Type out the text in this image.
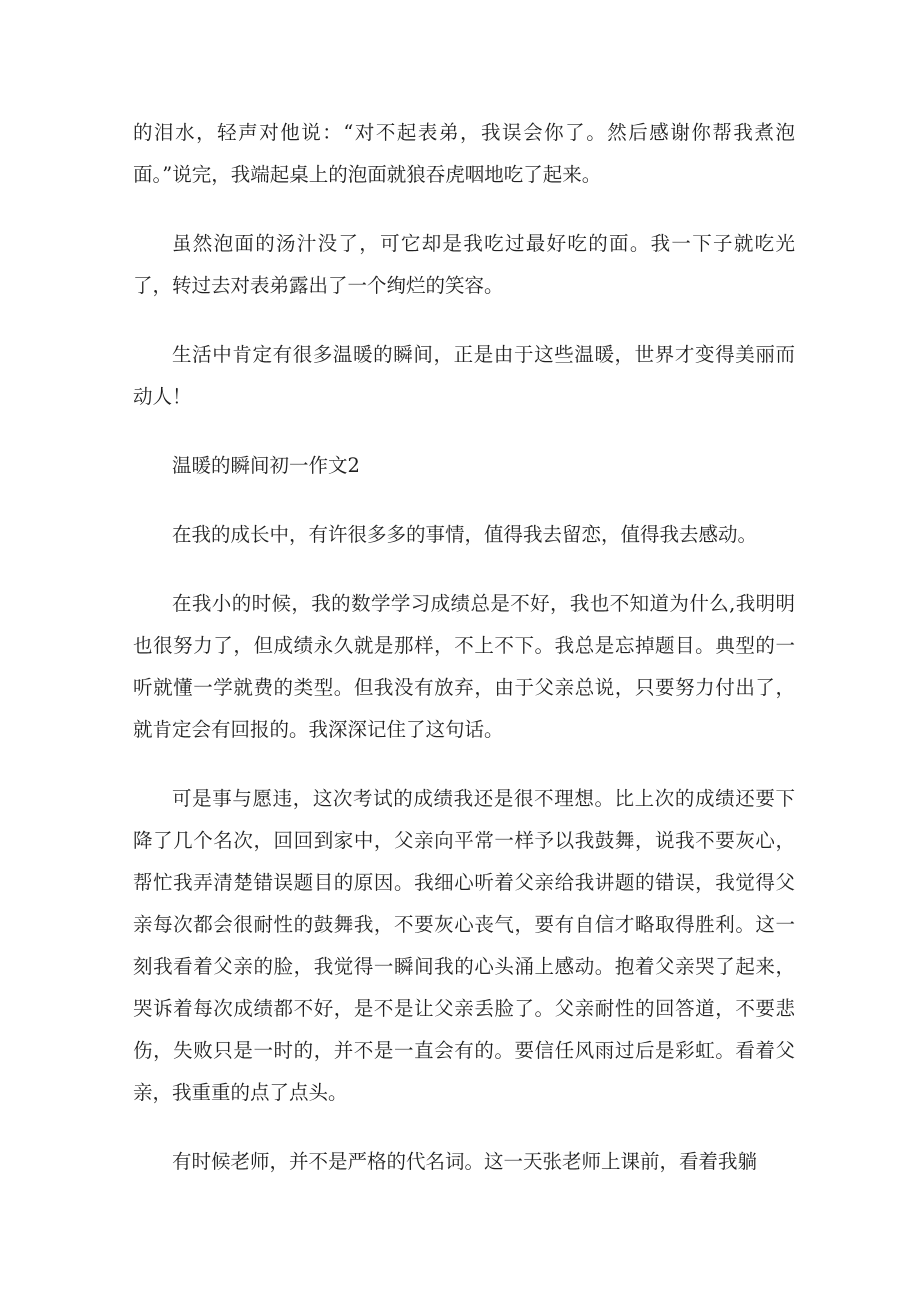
的泪水，轻声对他说：“对不起表弟，我误会你了。然后感谢你帮我煮泡面。”说完，我端起桌上的泡面就狼吞虎咽地吃了起来。

虽然泡面的汤汁没了，可它却是我吃过最好吃的面。我一下子就吃光了，转过去对表弟露出了一个绚烂的笑容。

生活中肯定有很多温暖的瞬间，正是由于这些温暖，世界才变得美丽而动人！

温暖的瞬间初一作文2

在我的成长中，有许很多多的事情，值得我去留恋，值得我去感动。

在我小的时候，我的数学学习成绩总是不好，我也不知道为什么,我明明也很努力了，但成绩永久就是那样，不上不下。我总是忘掉题目。典型的一听就懂一学就费的类型。但我没有放弃，由于父亲总说，只要努力付出了，就肯定会有回报的。我深深记住了这句话。

可是事与愿违，这次考试的成绩我还是很不理想。比上次的成绩还要下降了几个名次，回回到家中，父亲向平常一样予以我鼓舞，说我不要灰心，帮忙我弄清楚错误题目的原因。我细心听着父亲给我讲题的错误，我觉得父亲每次都会很耐性的鼓舞我，不要灰心丧气，要有自信才略取得胜利。这一刻我看着父亲的脸，我觉得一瞬间我的心头涌上感动。抱着父亲哭了起来，哭诉着每次成绩都不好，是不是让父亲丢脸了。父亲耐性的回答道，不要悲伤，失败只是一时的，并不是一直会有的。要信任风雨过后是彩虹。看着父亲，我重重的点了点头。

有时候老师，并不是严格的代名词。这一天张老师上课前，看着我躺
